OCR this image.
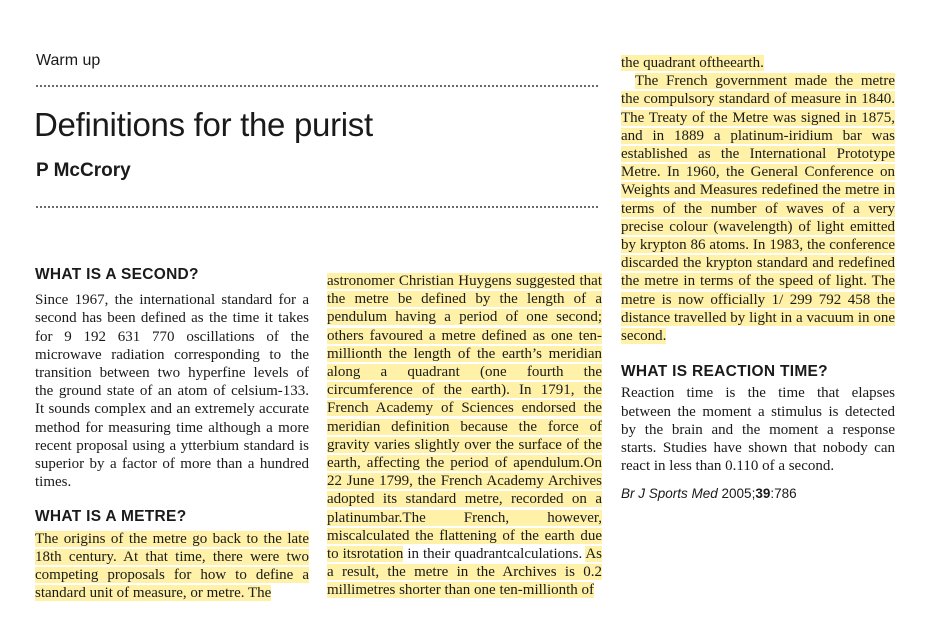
Warm up
Definitions for the purist
P McCrory
WHAT IS A SECOND?

Since 1967, the international standard for a second has been defined as the time it takes for 9 192 631 770 oscillations of the microwave radiation corresponding to the transition between two hyperfine levels of the ground state of an atom of celsium-133. It sounds complex and an extremely accurate method for measuring time although a more recent proposal using a ytterbium standard is superior by a factor of more than a hundred times.

WHAT IS A METRE?

The origins of the metre go back to the late 18th century. At that time, there were two competing proposals for how to define a standard unit of measure, or metre. The

astronomer Christian Huygens suggested that the metre be defined by the length of a pendulum having a period of one second; others favoured a metre defined as one ten-millionth the length of the earth’s meridian along a quadrant (one fourth the circumference of the earth). In 1791, the French Academy of Sciences endorsed the meridian definition because the force of gravity varies slightly over the surface of the earth, affecting the period of apendulum.On 22 June 1799, the French Academy Archives adopted its standard metre, recorded on a platinumbar.The French, however, miscalculated the flattening of the earth due to itsrotation in their quadrantcalculations. As a result, the metre in the Archives is 0.2 millimetres shorter than one ten-millionth of

the quadrant oftheearth.

The French government made the metre the compulsory standard of measure in 1840. The Treaty of the Metre was signed in 1875, and in 1889 a platinum-iridium bar was established as the International Prototype Metre. In 1960, the General Conference on Weights and Measures redefined the metre in terms of the number of waves of a very precise colour (wavelength) of light emitted by krypton 86 atoms. In 1983, the conference discarded the krypton standard and redefined the metre in terms of the speed of light. The metre is now officially 1/ 299 792 458 the distance travelled by light in a vacuum in one second.

WHAT IS REACTION TIME?

Reaction time is the time that elapses between the moment a stimulus is detected by the brain and the moment a response starts. Studies have shown that nobody can react in less than 0.110 of a second.

Br J Sports Med 2005;39:786
